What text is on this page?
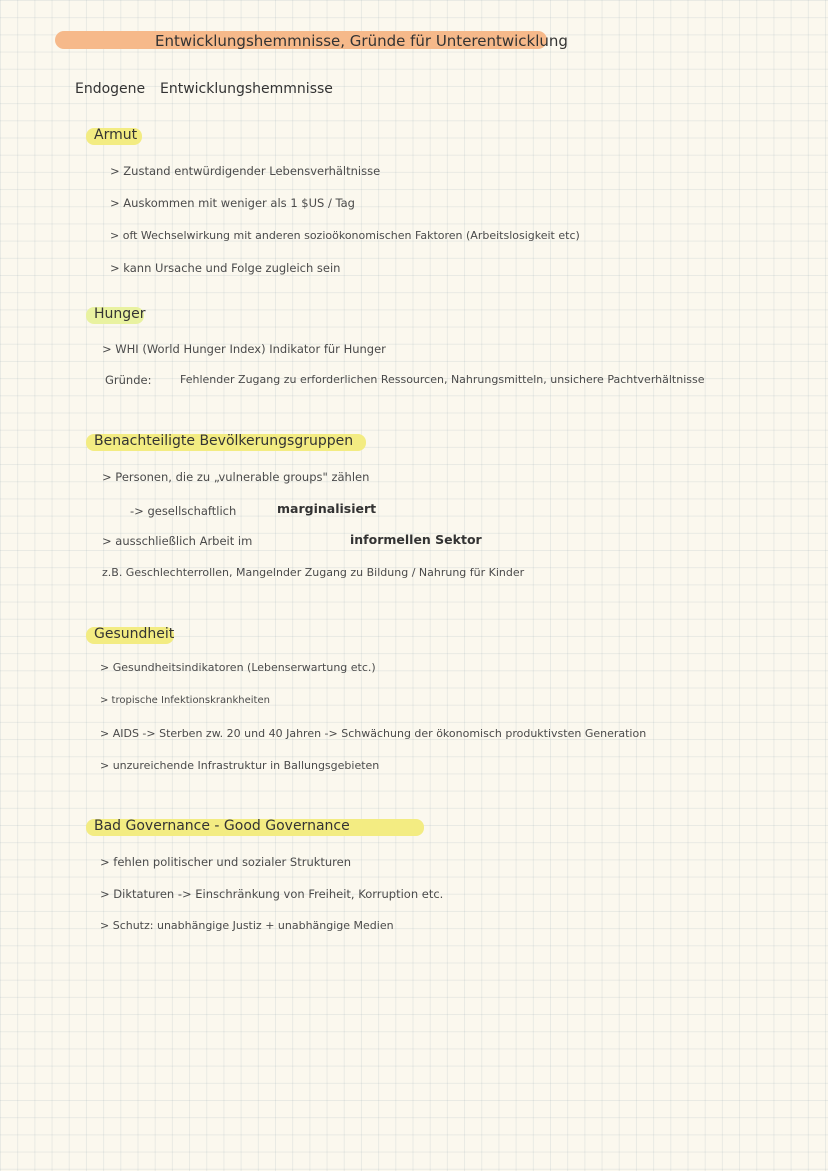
Entwicklungshemmnisse, Gründe für Unterentwicklung
Endogene Entwicklungshemmnisse
Armut
> Zustand entwürdigender Lebensverhältnisse
> Auskommen mit weniger als 1 $US / Tag
> oft Wechselwirkung mit anderen sozioökonomischen Faktoren (Arbeitslosigkeit etc)
> kann Ursache und Folge zugleich sein
Hunger
> WHI (World Hunger Index) Indikator für Hunger
Gründe:	Fehlender Zugang zu erforderlichen Ressourcen, Nahrungsmitteln, unsichere Pachtverhältnisse
Benachteiligte Bevölkerungsgruppen
> Personen, die zu „vulnerable groups" zählen
-> gesellschaftlich	marginalisiert
> ausschließlich Arbeit im	informellen Sektor
z.B. Geschlechterrollen, Mangelnder Zugang zu Bildung / Nahrung für Kinder
Gesundheit
> Gesundheitsindikatoren (Lebenserwartung etc.)
> tropische Infektionskrankheiten
> AIDS -> Sterben zw. 20 und 40 Jahren -> Schwächung der ökonomisch produktivsten Generation
> unzureichende Infrastruktur in Ballungsgebieten
Bad Governance - Good Governance
> fehlen politischer und sozialer Strukturen
> Diktaturen -> Einschränkung von Freiheit, Korruption etc.
> Schutz: unabhängige Justiz + unabhängige Medien
